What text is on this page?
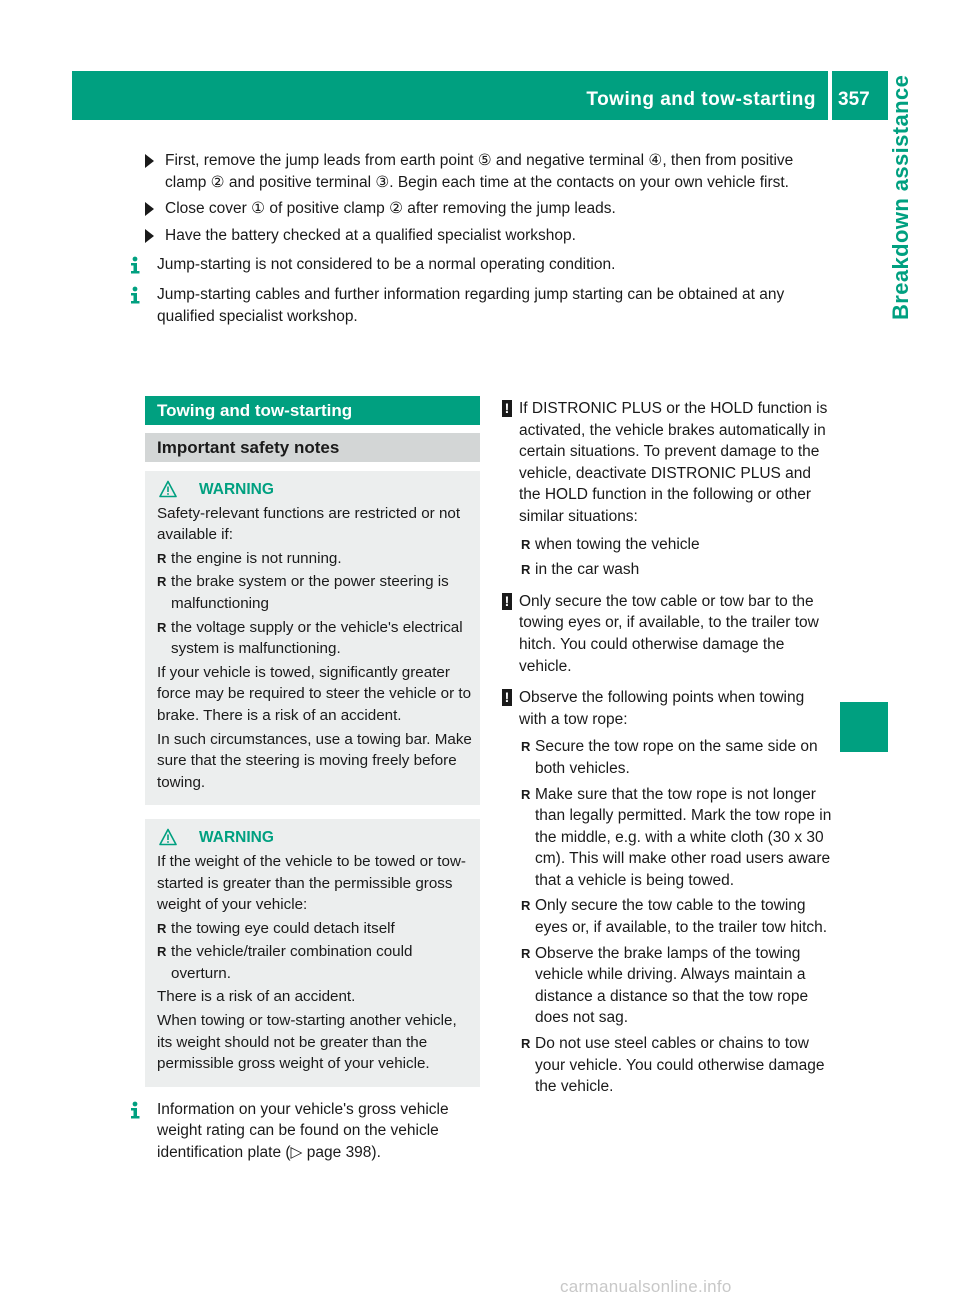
Towing and tow-starting 357 Breakdown assistance
First, remove the jump leads from earth point ⑤ and negative terminal ④, then from positive clamp ② and positive terminal ③. Begin each time at the contacts on your own vehicle first.
Close cover ① of positive clamp ② after removing the jump leads.
Have the battery checked at a qualified specialist workshop.
Jump-starting is not considered to be a normal operating condition.
Jump-starting cables and further information regarding jump starting can be obtained at any qualified specialist workshop.
Towing and tow-starting
Important safety notes
WARNING

Safety-relevant functions are restricted or not available if:

R the engine is not running.
R the brake system or the power steering is malfunctioning
R the voltage supply or the vehicle's electrical system is malfunctioning.

If your vehicle is towed, significantly greater force may be required to steer the vehicle or to brake. There is a risk of an accident.

In such circumstances, use a towing bar. Make sure that the steering is moving freely before towing.

WARNING

If the weight of the vehicle to be towed or tow-started is greater than the permissible gross weight of your vehicle:

R the towing eye could detach itself
R the vehicle/trailer combination could overturn.

There is a risk of an accident.

When towing or tow-starting another vehicle, its weight should not be greater than the permissible gross weight of your vehicle.

Information on your vehicle's gross vehicle weight rating can be found on the vehicle identification plate (▷ page 398).
! If DISTRONIC PLUS or the HOLD function is activated, the vehicle brakes automatically in certain situations. To prevent damage to the vehicle, deactivate DISTRONIC PLUS and the HOLD function in the following or other similar situations:
R when towing the vehicle
R in the car wash
! Only secure the tow cable or tow bar to the towing eyes or, if available, to the trailer tow hitch. You could otherwise damage the vehicle.
! Observe the following points when towing with a tow rope:
R Secure the tow rope on the same side on both vehicles.
R Make sure that the tow rope is not longer than legally permitted. Mark the tow rope in the middle, e.g. with a white cloth (30 x 30 cm). This will make other road users aware that a vehicle is being towed.
R Only secure the tow cable to the towing eyes or, if available, to the trailer tow hitch.
R Observe the brake lamps of the towing vehicle while driving. Always maintain a distance a distance so that the tow rope does not sag.
R Do not use steel cables or chains to tow your vehicle. You could otherwise damage the vehicle.
carmanualsonline.info
